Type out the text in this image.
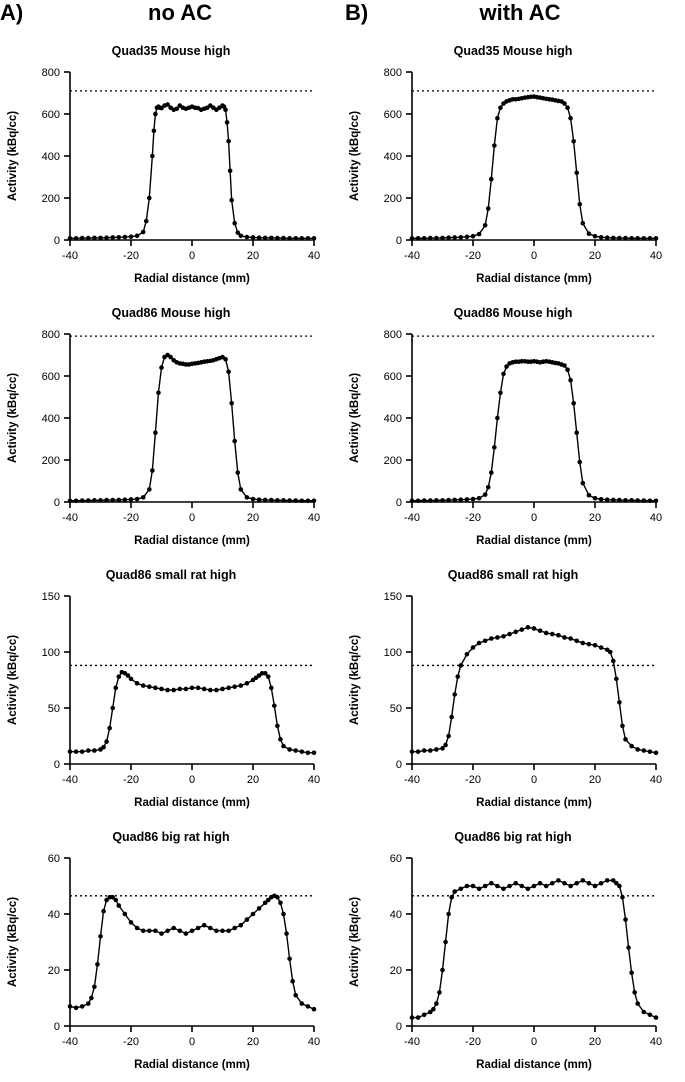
A)	no AC	B)	with AC
Quad35 Mouse high
-40	-20	0	20	40
0
200
400
600
800
Radial distance (mm)
Activity (kBq/cc)
Quad35 Mouse high
-40	-20	0	20	40
0
200
400
600
800
Radial distance (mm)
Activity (kBq/cc)
Quad86 Mouse high
-40	-20	0	20	40
0
200
400
600
800
Radial distance (mm)
Activity (kBq/cc)
Quad86 Mouse high
-40	-20	0	20	40
0
200
400
600
800
Radial distance (mm)
Activity (kBq/cc)
Quad86 small rat high
-40	-20	0	20	40
0
50
100
150
Radial distance (mm)
Activity (kBq/cc)
Quad86 small rat high
-40	-20	0	20	40
0
50
100
150
Radial distance (mm)
Activity (kBq/cc)
Quad86 big rat high
-40	-20	0	20	40
0
20
40
60
Radial distance (mm)
Activity (kBq/cc)
Quad86 big rat high
-40	-20	0	20	40
0
20
40
60
Radial distance (mm)
Activity (kBq/cc)
